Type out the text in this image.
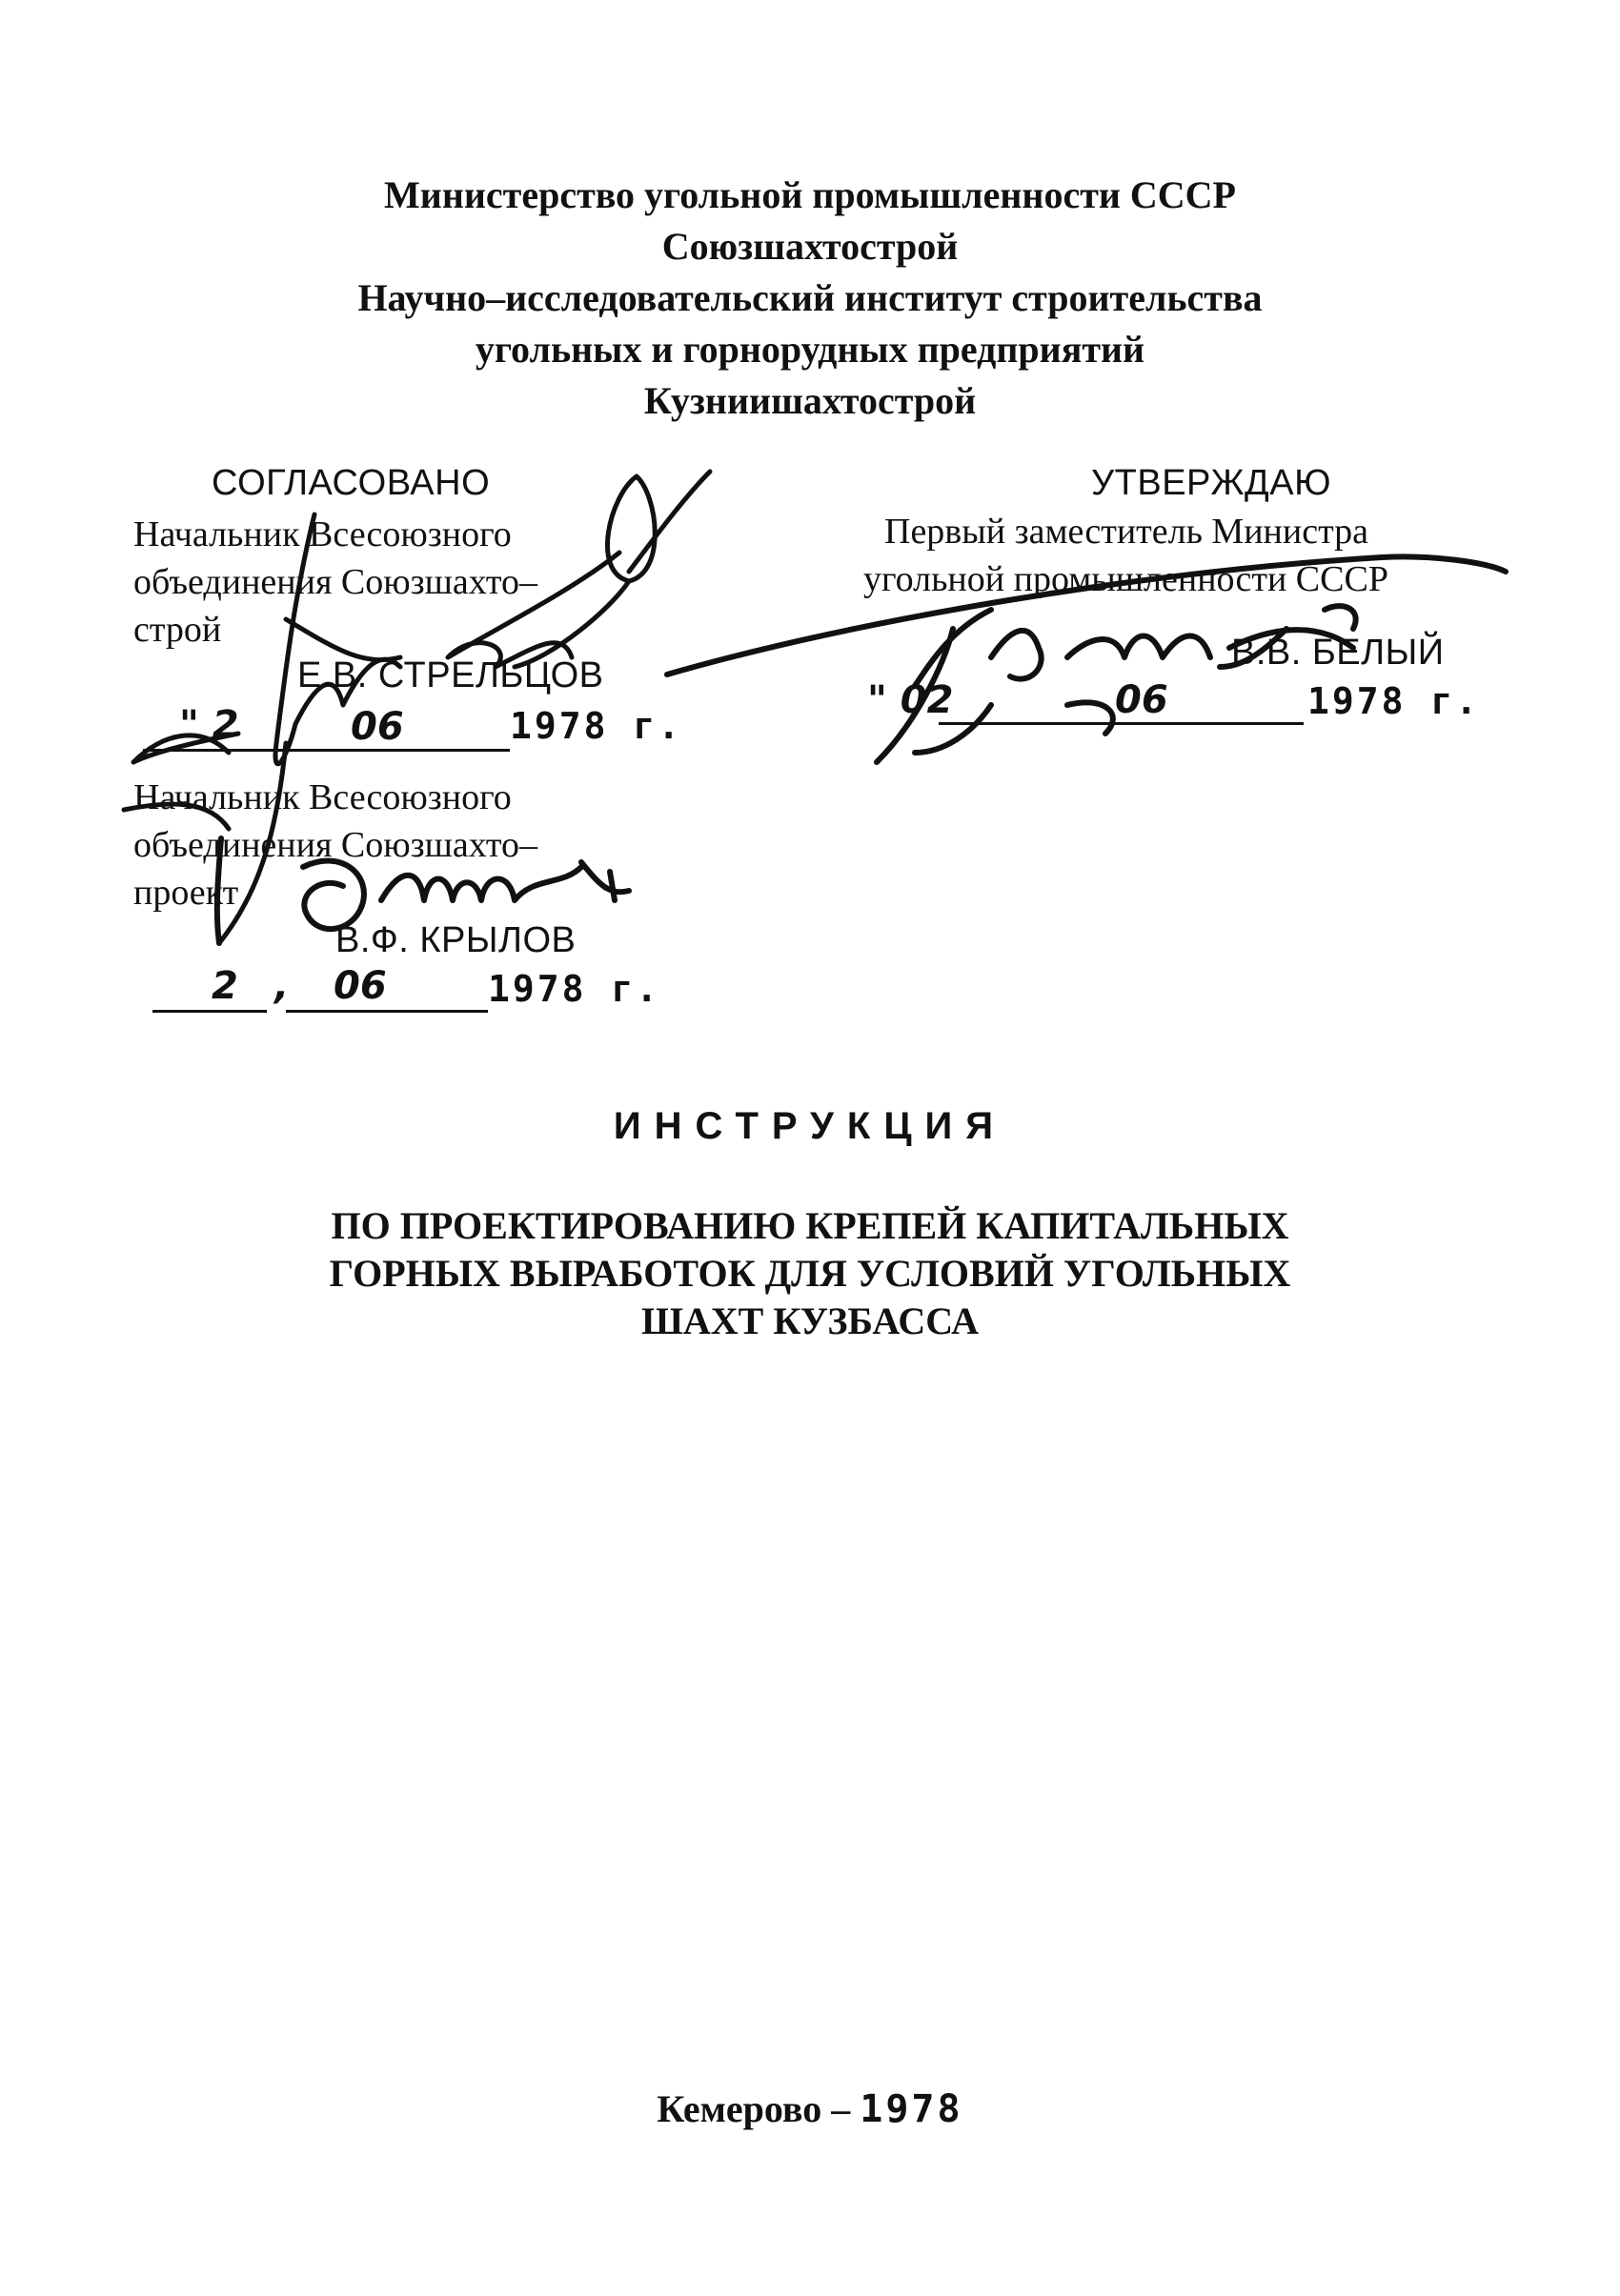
Министерство угольной промышленности СССР
Союзшахтострой
Научно–исследовательский институт строительства
угольных и горнорудных предприятий
Кузниишахтострой
СОГЛАСОВАНО
Начальник Всесоюзного
объединения Союзшахто–
строй
Е.В. СТРЕЛЬЦОВ
" 2	06	1978 г.
Начальник Всесоюзного
объединения Союзшахто–
проект
В.Ф. КРЫЛОВ
2 , 06	1978 г.
УТВЕРЖДАЮ
Первый заместитель Министра
угольной промышленности СССР
В.В. БЕЛЫЙ
" 02	06	1978 г.
ИНСТРУКЦИЯ
ПО ПРОЕКТИРОВАНИЮ КРЕПЕЙ КАПИТАЛЬНЫХ
ГОРНЫХ ВЫРАБОТОК ДЛЯ УСЛОВИЙ УГОЛЬНЫХ
ШАХТ КУЗБАССА
Кемерово – 1978
